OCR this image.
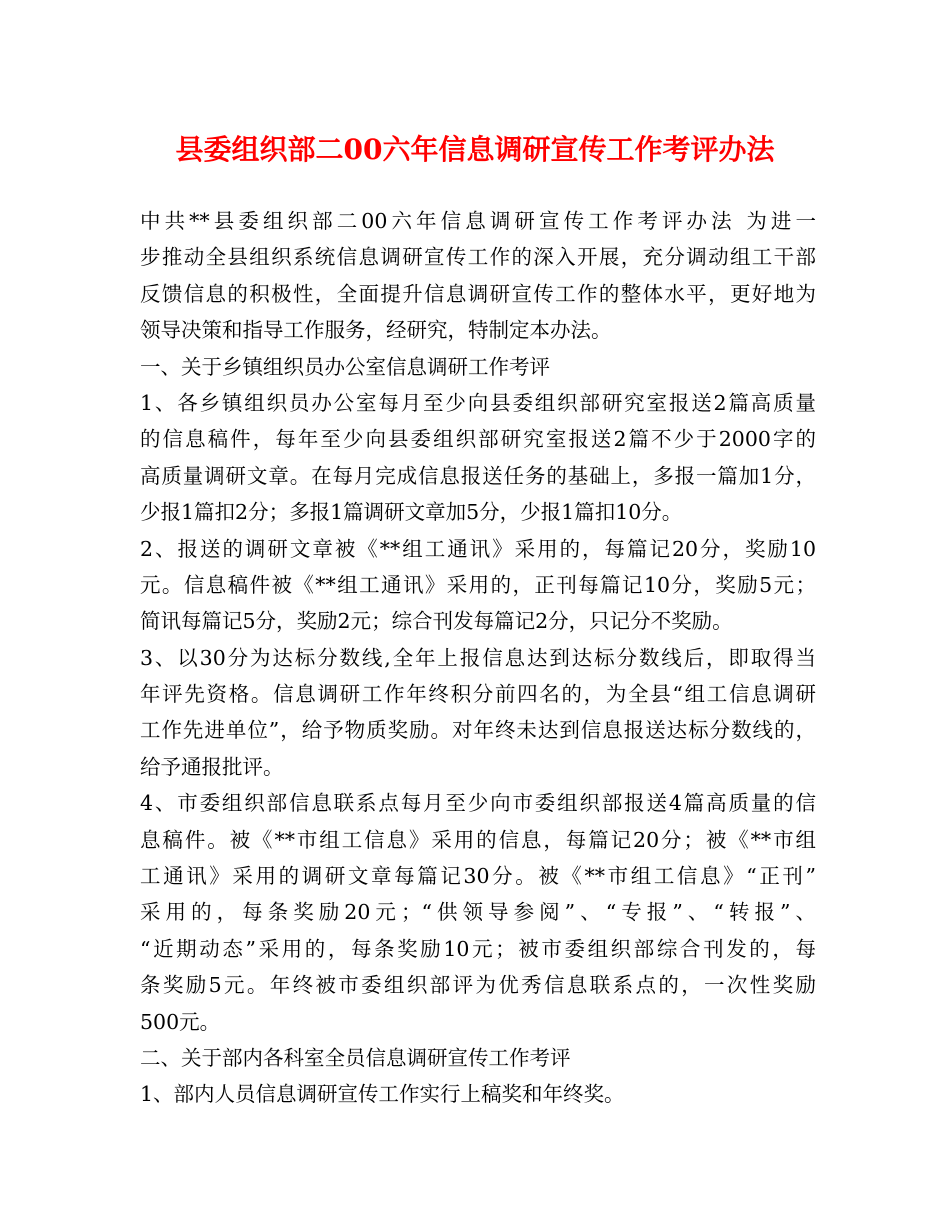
县委组织部二00六年信息调研宣传工作考评办法
中共**县委组织部二00六年信息调研宣传工作考评办法 为进一
步推动全县组织系统信息调研宣传工作的深入开展，充分调动组工干部
反馈信息的积极性，全面提升信息调研宣传工作的整体水平，更好地为
领导决策和指导工作服务，经研究，特制定本办法。
一、关于乡镇组织员办公室信息调研工作考评
1、各乡镇组织员办公室每月至少向县委组织部研究室报送2篇高质量
的信息稿件，每年至少向县委组织部研究室报送2篇不少于2000字的
高质量调研文章。在每月完成信息报送任务的基础上，多报一篇加1分，
少报1篇扣2分；多报1篇调研文章加5分，少报1篇扣10分。
2、报送的调研文章被《**组工通讯》采用的，每篇记20分，奖励10
元。信息稿件被《**组工通讯》采用的，正刊每篇记10分，奖励5元；
简讯每篇记5分，奖励2元；综合刊发每篇记2分，只记分不奖励。
3、以30分为达标分数线,全年上报信息达到达标分数线后，即取得当
年评先资格。信息调研工作年终积分前四名的，为全县“组工信息调研
工作先进单位”，给予物质奖励。对年终未达到信息报送达标分数线的，
给予通报批评。
4、市委组织部信息联系点每月至少向市委组织部报送4篇高质量的信
息稿件。被《**市组工信息》采用的信息，每篇记20分；被《**市组
工通讯》采用的调研文章每篇记30分。被《**市组工信息》“正刊”
采用的，每条奖励20元；“供领导参阅”、“专报”、“转报”、
“近期动态”采用的，每条奖励10元；被市委组织部综合刊发的，每
条奖励5元。年终被市委组织部评为优秀信息联系点的，一次性奖励
500元。
二、关于部内各科室全员信息调研宣传工作考评
1、部内人员信息调研宣传工作实行上稿奖和年终奖。
